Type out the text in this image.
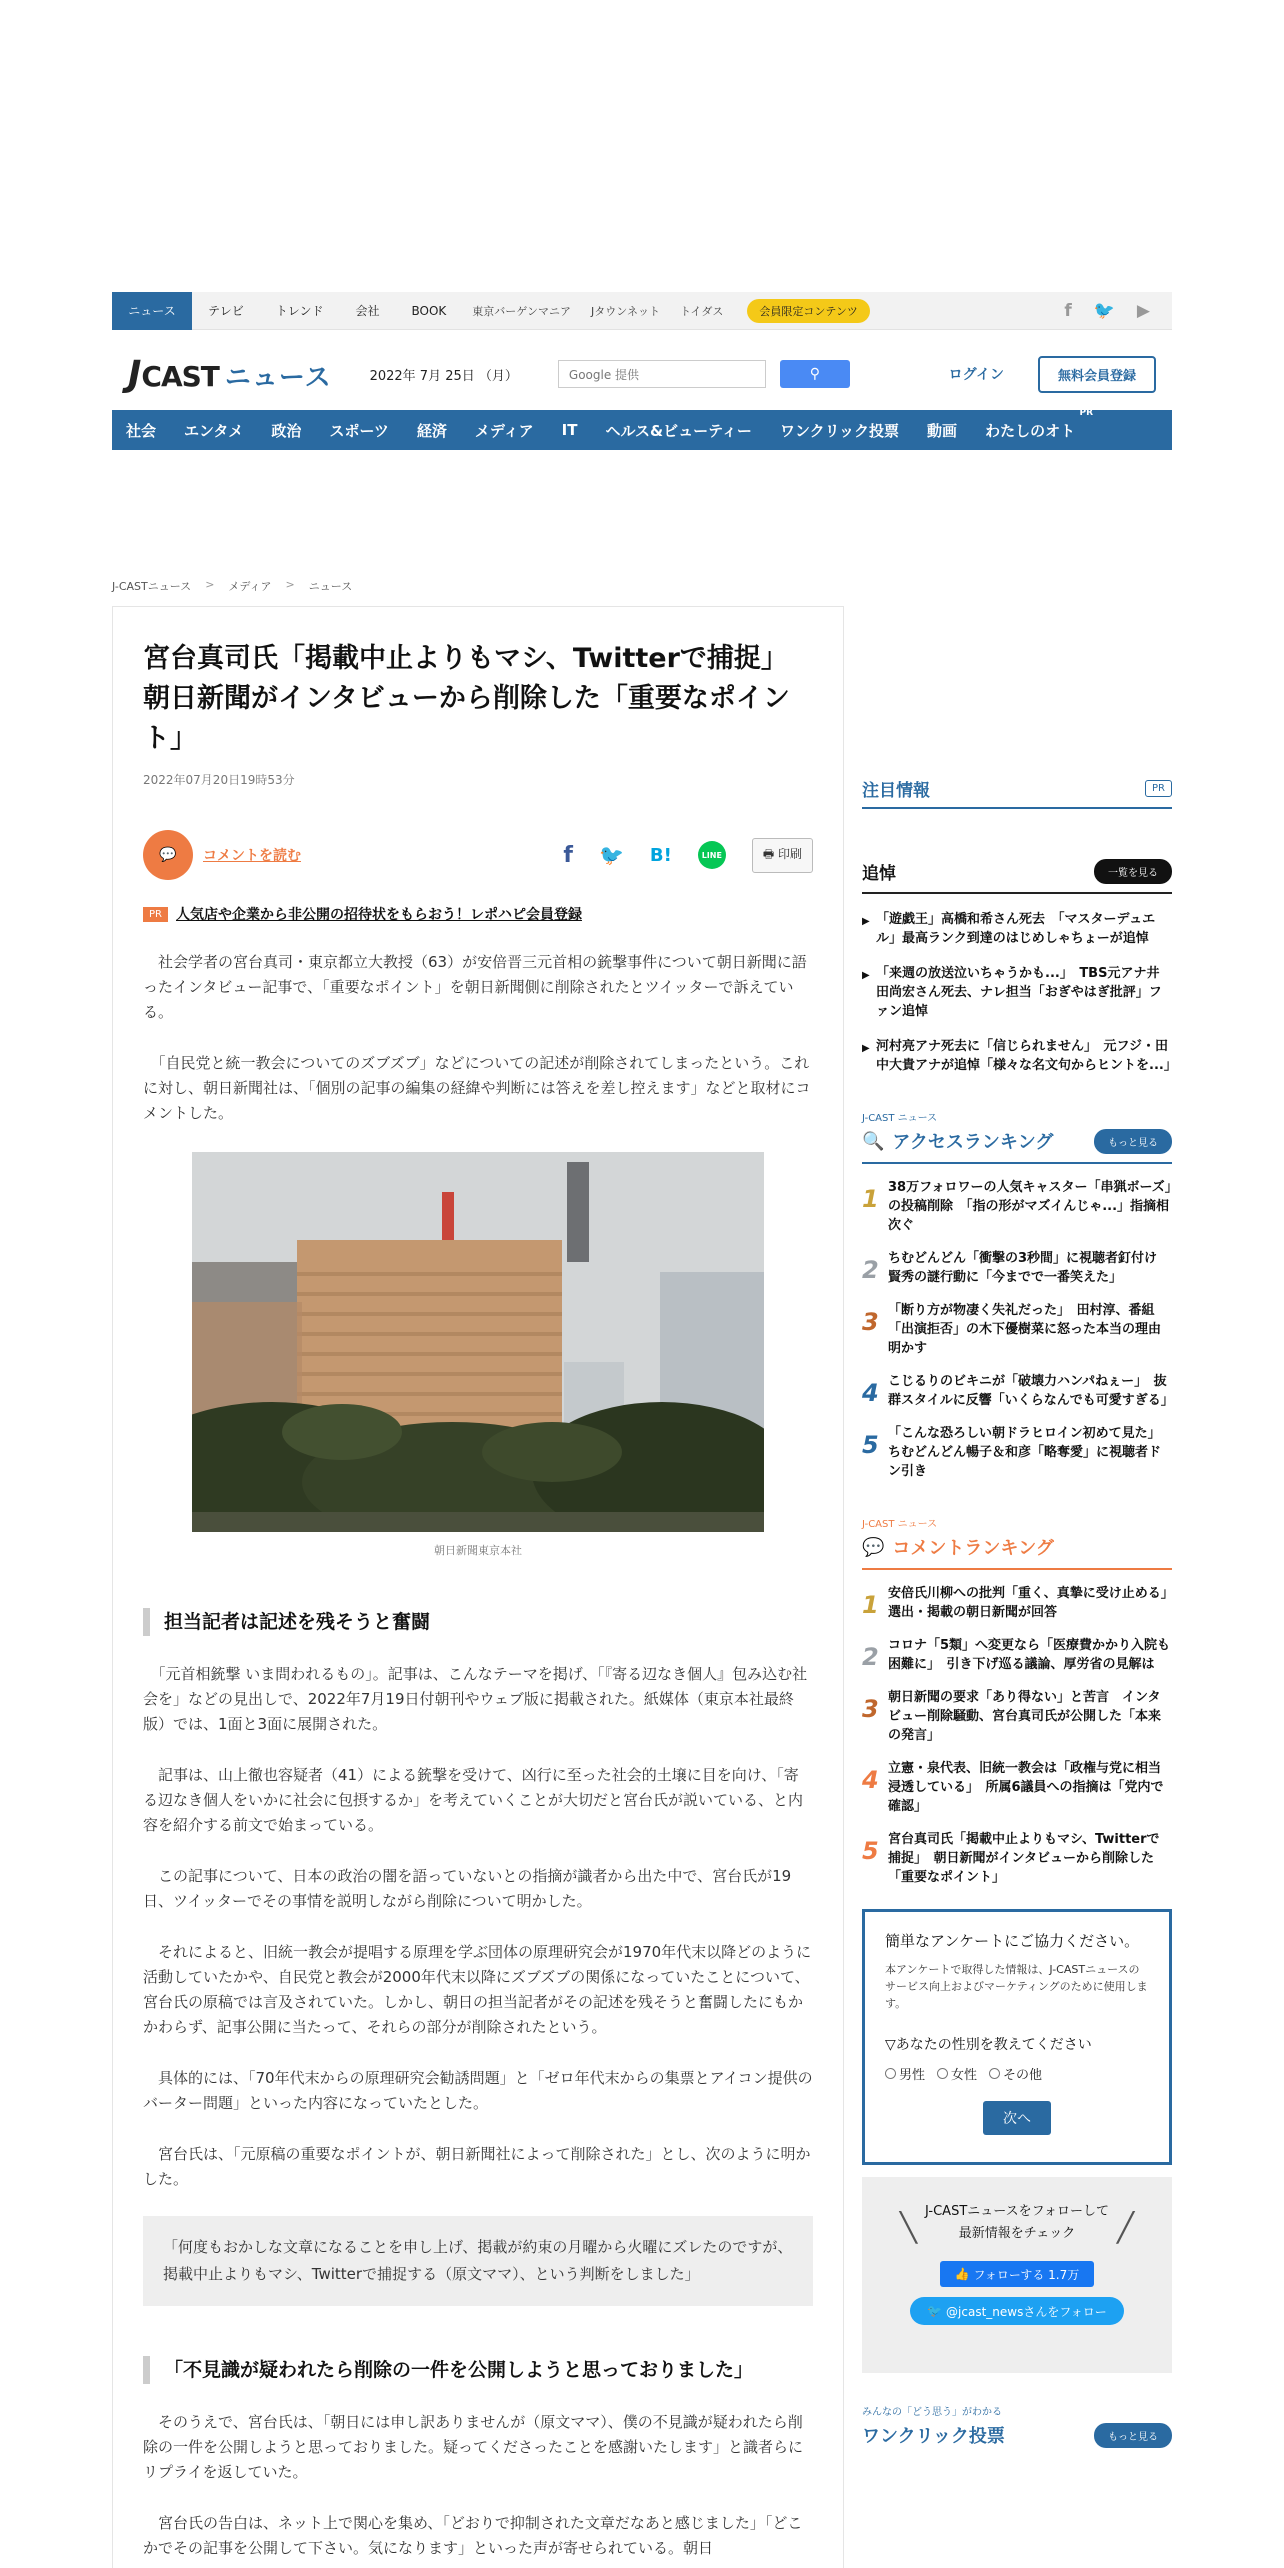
ニュース	テレビ	トレンド	会社	BOOK	東京バーゲンマニア	Jタウンネット	トイダス	会員限定コンテンツ	f 🐦 ▶
J CAST ニュース	2022年 7月 25日 （月）	Google 提供	⚲	ログイン	無料会員登録
社会 エンタメ 政治 スポーツ 経済 メディア IT ヘルス&ビューティー ワンクリック投票 動画 わたしのオト
PR
J-CASTニュース > メディア > ニュース
宮台真司氏「掲載中止よりもマシ、Twitterで捕捉」朝日新聞がインタビューから削除した「重要なポイント」
2022年07月20日19時53分
💬	コメントを読む	f 🐦 B!	LINE	🖶 印刷
PR	人気店や企業から非公開の招待状をもらおう！レポハピ会員登録

　社会学者の宮台真司・東京都立大教授（63）が安倍晋三元首相の銃撃事件について朝日新聞に語ったインタビュー記事で、「重要なポイント」を朝日新聞側に削除されたとツイッターで訴えている。

　「自民党と統一教会についてのズブズブ」などについての記述が削除されてしまったという。これに対し、朝日新聞社は、「個別の記事の編集の経緯や判断には答えを差し控えます」などと取材にコメントした。

朝日新聞東京本社
担当記者は記述を残そうと奮闘

　「元首相銃撃 いま問われるもの」。記事は、こんなテーマを掲げ、「『寄る辺なき個人』包み込む社会を」などの見出しで、2022年7月19日付朝刊やウェブ版に掲載された。紙媒体（東京本社最終版）では、1面と3面に展開された。

　記事は、山上徹也容疑者（41）による銃撃を受けて、凶行に至った社会的土壌に目を向け、「寄る辺なき個人をいかに社会に包摂するか」を考えていくことが大切だと宮台氏が説いている、と内容を紹介する前文で始まっている。

　この記事について、日本の政治の闇を語っていないとの指摘が識者から出た中で、宮台氏が19日、ツイッターでその事情を説明しながら削除について明かした。

　それによると、旧統一教会が提唱する原理を学ぶ団体の原理研究会が1970年代末以降どのように活動していたかや、自民党と教会が2000年代末以降にズブズブの関係になっていたことについて、宮台氏の原稿では言及されていた。しかし、朝日の担当記者がその記述を残そうと奮闘したにもかかわらず、記事公開に当たって、それらの部分が削除されたという。

　具体的には、「70年代末からの原理研究会勧誘問題」と「ゼロ年代末からの集票とアイコン提供のバーター問題」といった内容になっていたとした。

　宮台氏は、「元原稿の重要なポイントが、朝日新聞社によって削除された」とし、次のように明かした。

「何度もおかしな文章になることを申し上げ、掲載が約束の月曜から火曜にズレたのですが、掲載中止よりもマシ、Twitterで捕捉する（原文ママ）、という判断をしました」
「不見識が疑われたら削除の一件を公開しようと思っておりました」

　そのうえで、宮台氏は、「朝日には申し訳ありませんが（原文ママ）、僕の不見識が疑われたら削除の一件を公開しようと思っておりました。疑ってくださったことを感謝いたします」と識者らにリプライを返していた。

　宮台氏の告白は、ネット上で関心を集め、「どおりで抑制された文章だなあと感じました」「どこかでその記事を公開して下さい。気になります」といった声が寄せられている。朝日

注目情報	PR
追悼	一覧を見る
▶ 「遊戯王」高橋和希さん死去　「マスターデュエル」最高ランク到達のはじめしゃちょーが追悼
▶ 「来週の放送泣いちゃうかも...」　TBS元アナ井田尚宏さん死去、ナレ担当「おぎやはぎ批評」ファン追悼
▶ 河村亮アナ死去に「信じられません」　元フジ・田中大貴アナが追悼「様々な名文句からヒントを...」
J-CAST ニュース
🔍 アクセスランキング	もっと見る
1 38万フォロワーの人気キャスター「串猟ボーズ」の投稿削除　「指の形がマズイんじゃ...」指摘相次ぐ
2 ちむどんどん「衝撃の3秒間」に視聴者釘付け　賢秀の謎行動に「今までで一番笑えた」
3 「断り方が物凄く失礼だった」　田村淳、番組「出演拒否」の木下優樹菜に怒った本当の理由明かす
4 こじるりのビキニが「破壊力ハンパねぇー」　抜群スタイルに反響「いくらなんでも可愛すぎる」
5 「こんな恐ろしい朝ドラヒロイン初めて見た」　ちむどんどん暢子＆和彦「略奪愛」に視聴者ドン引き
J-CAST ニュース
💬 コメントランキング
1 安倍氏川柳への批判「重く、真摯に受け止める」　選出・掲載の朝日新聞が回答
2 コロナ「5類」へ変更なら「医療費かかり入院も困難に」　引き下げ巡る議論、厚労省の見解は
3 朝日新聞の要求「あり得ない」と苦言　インタビュー削除騒動、宮台真司氏が公開した「本来の発言」
4 立憲・泉代表、旧統一教会は「政権与党に相当浸透している」　所属6議員への指摘は「党内で確認」
5 宮台真司氏「掲載中止よりもマシ、Twitterで捕捉」　朝日新聞がインタビューから削除した「重要なポイント」
簡単なアンケートにご協力ください。
本アンケートで取得した情報は、J-CASTニュースのサービス向上およびマーケティングのために使用します。
▽あなたの性別を教えてください
男性 女性 その他
次へ
╲	╱
J-CASTニュースをフォローして
最新情報をチェック
👍 フォローする 1.7万
🐦 @jcast_newsさんをフォロー
みんなの「どう思う」がわかる
ワンクリック投票	もっと見る
